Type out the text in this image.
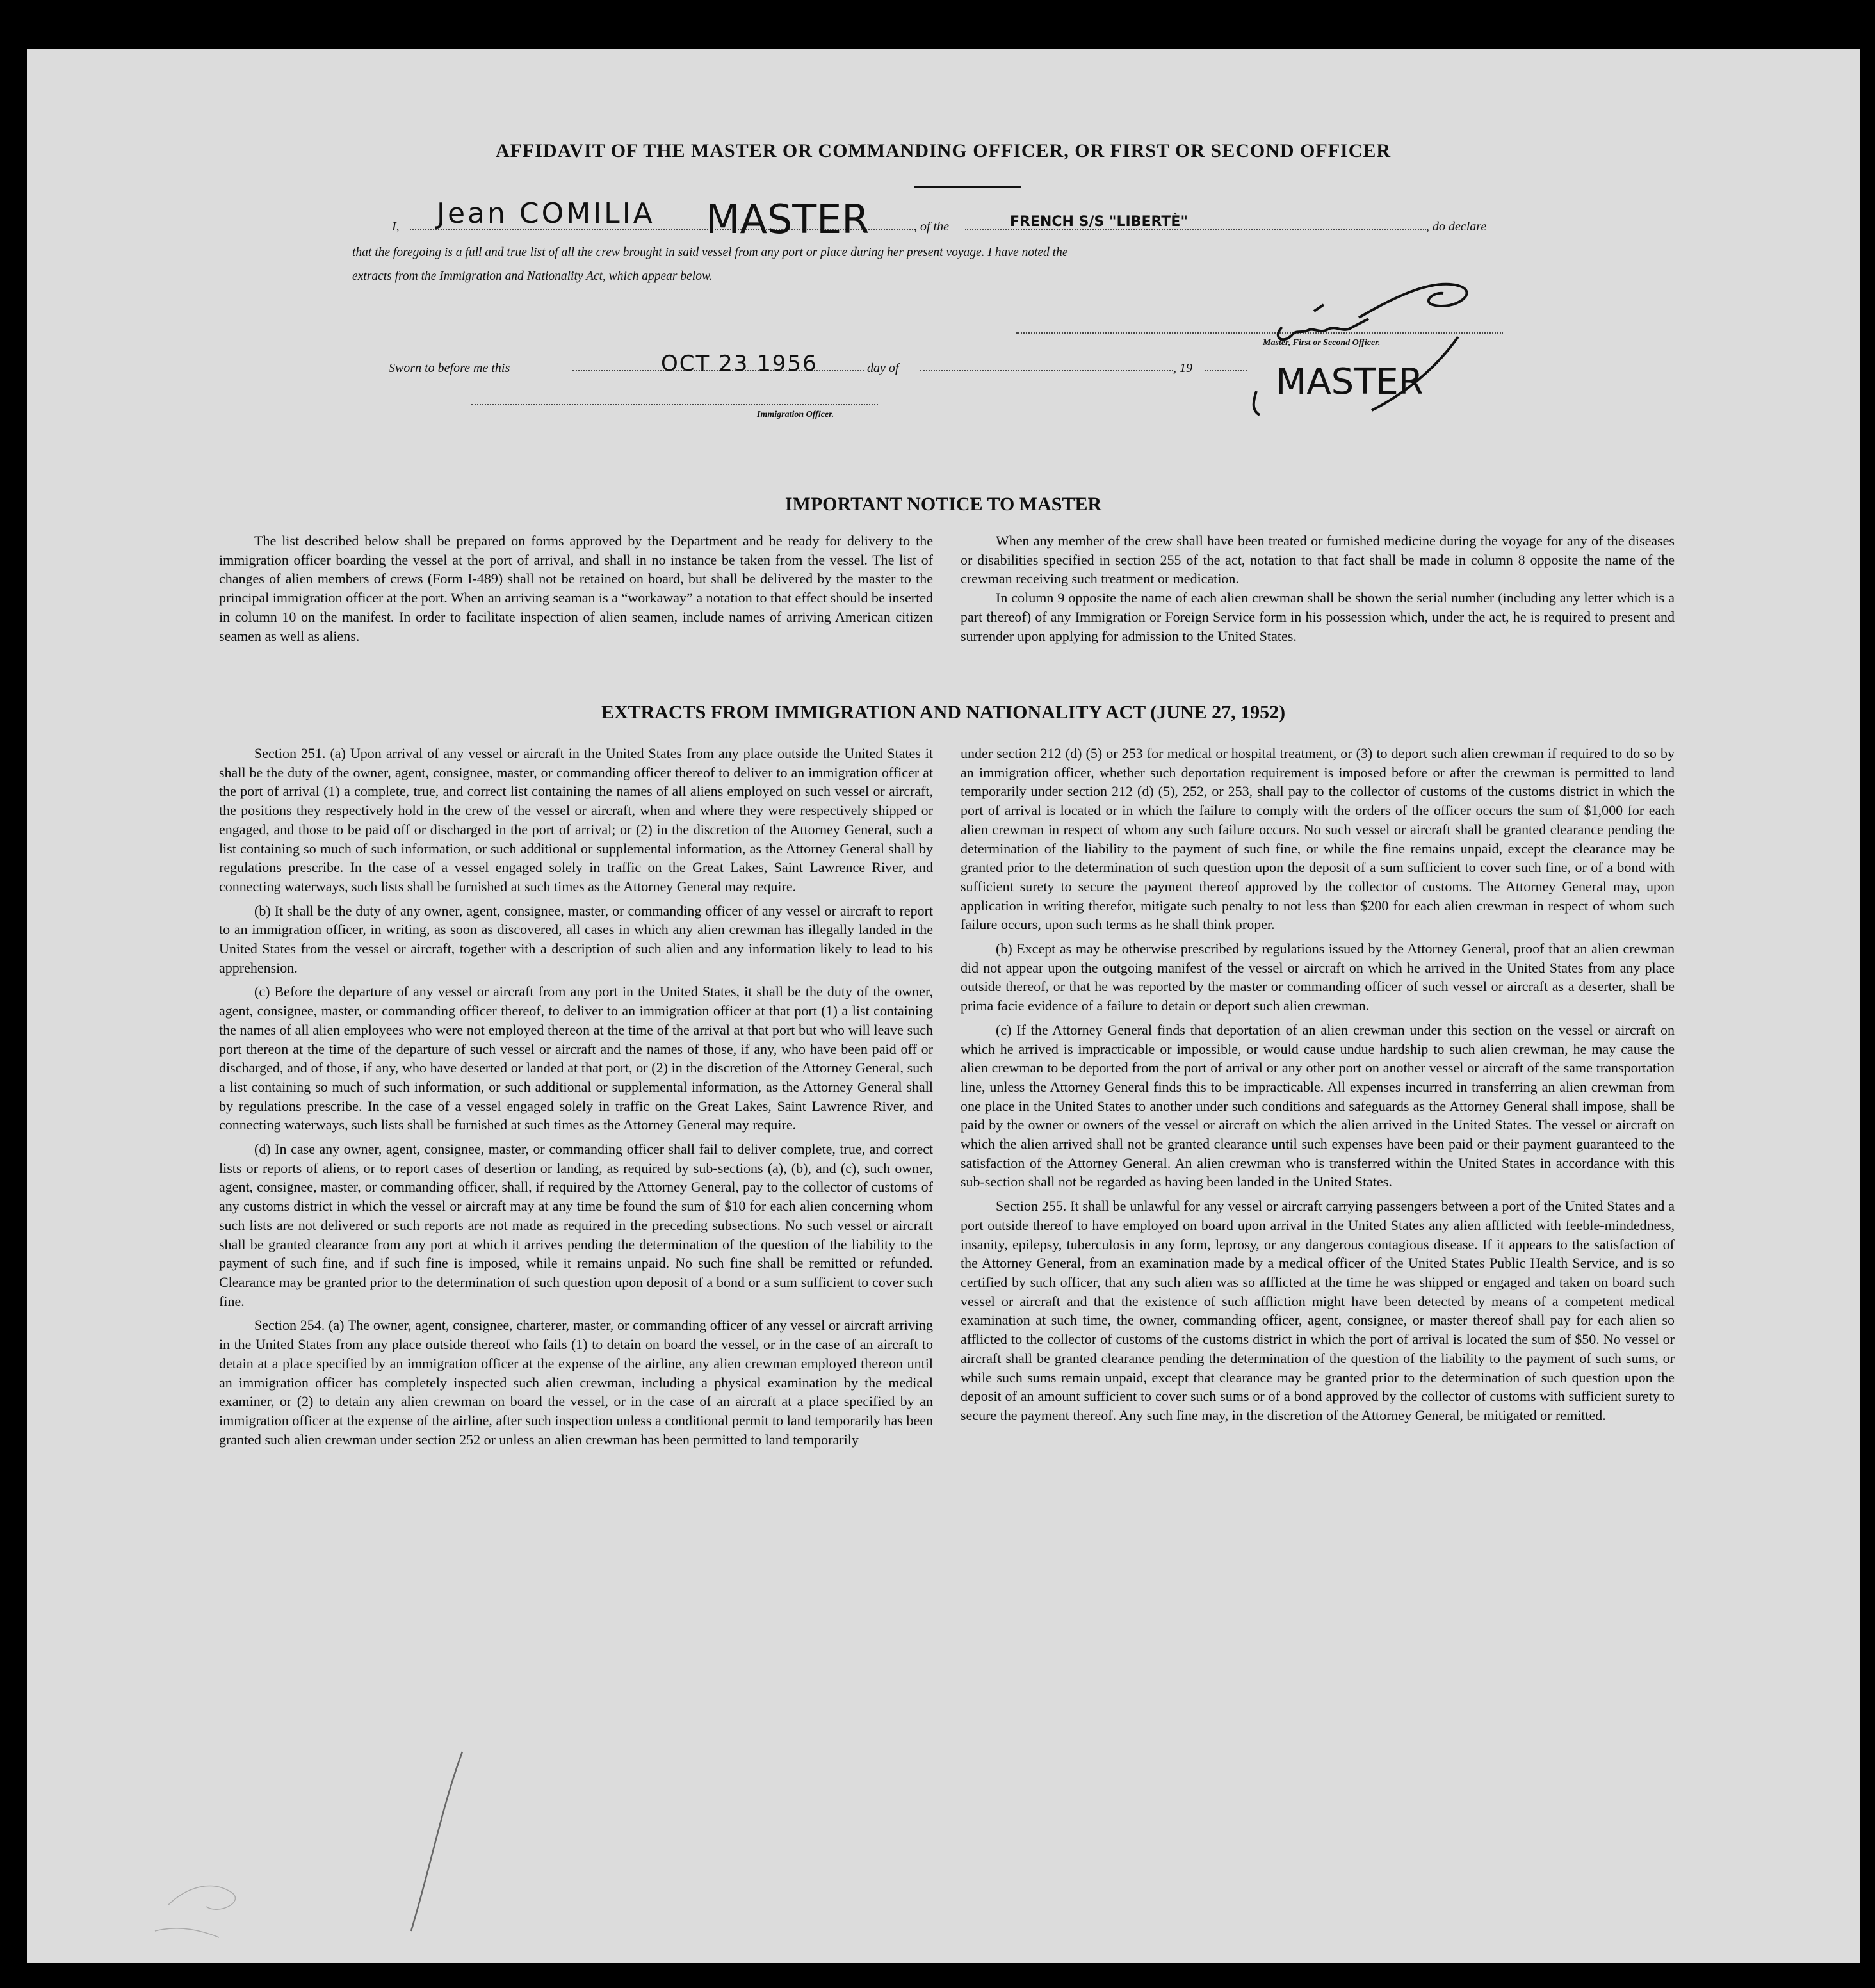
AFFIDAVIT OF THE MASTER OR COMMANDING OFFICER, OR FIRST OR SECOND OFFICER
I, Jean COMILIA MASTER	, of the	FRENCH S/S "LIBERTÈ"	, do declare
that the foregoing is a full and true list of all the crew brought in said vessel from any port or place during her present voyage. I have noted the
extracts from the Immigration and Nationality Act, which appear below.
Master, First or Second Officer.
MASTER
Sworn to before me this	OCT 23 1956	day of	, 19
Immigration Officer.
IMPORTANT NOTICE TO MASTER

The list described below shall be prepared on forms approved by the Department and be ready for delivery to the immigration officer boarding the vessel at the port of arrival, and shall in no instance be taken from the vessel. The list of changes of alien members of crews (Form I-489) shall not be retained on board, but shall be delivered by the master to the principal immigration officer at the port. When an arriving seaman is a “workaway” a notation to that effect should be inserted in column 10 on the manifest. In order to facilitate inspection of alien seamen, include names of arriving American citizen seamen as well as aliens.

When any member of the crew shall have been treated or furnished medicine during the voyage for any of the diseases or disabilities specified in section 255 of the act, notation to that fact shall be made in column 8 opposite the name of the crewman receiving such treatment or medication.

In column 9 opposite the name of each alien crewman shall be shown the serial number (including any letter which is a part thereof) of any Immigration or Foreign Service form in his possession which, under the act, he is required to present and surrender upon applying for admission to the United States.

EXTRACTS FROM IMMIGRATION AND NATIONALITY ACT (JUNE 27, 1952)

Section 251. (a) Upon arrival of any vessel or aircraft in the United States from any place outside the United States it shall be the duty of the owner, agent, consignee, master, or commanding officer thereof to deliver to an immigration officer at the port of arrival (1) a complete, true, and correct list containing the names of all aliens employed on such vessel or aircraft, the positions they respectively hold in the crew of the vessel or aircraft, when and where they were respectively shipped or engaged, and those to be paid off or discharged in the port of arrival; or (2) in the discretion of the Attorney General, such a list containing so much of such information, or such additional or supplemental information, as the Attorney General shall by regulations prescribe. In the case of a vessel engaged solely in traffic on the Great Lakes, Saint Lawrence River, and connecting waterways, such lists shall be furnished at such times as the Attorney General may require.

(b) It shall be the duty of any owner, agent, consignee, master, or commanding officer of any vessel or aircraft to report to an immigration officer, in writing, as soon as discovered, all cases in which any alien crewman has illegally landed in the United States from the vessel or aircraft, together with a description of such alien and any information likely to lead to his apprehension.

(c) Before the departure of any vessel or aircraft from any port in the United States, it shall be the duty of the owner, agent, consignee, master, or commanding officer thereof, to deliver to an immigration officer at that port (1) a list containing the names of all alien employees who were not employed thereon at the time of the arrival at that port but who will leave such port thereon at the time of the departure of such vessel or aircraft and the names of those, if any, who have been paid off or discharged, and of those, if any, who have deserted or landed at that port, or (2) in the discretion of the Attorney General, such a list containing so much of such information, or such additional or supplemental information, as the Attorney General shall by regulations prescribe. In the case of a vessel engaged solely in traffic on the Great Lakes, Saint Lawrence River, and connecting waterways, such lists shall be furnished at such times as the Attorney General may require.

(d) In case any owner, agent, consignee, master, or commanding officer shall fail to deliver complete, true, and correct lists or reports of aliens, or to report cases of desertion or landing, as required by sub-sections (a), (b), and (c), such owner, agent, consignee, master, or commanding officer, shall, if required by the Attorney General, pay to the collector of customs of any customs district in which the vessel or aircraft may at any time be found the sum of $10 for each alien concerning whom such lists are not delivered or such reports are not made as required in the preceding subsections. No such vessel or aircraft shall be granted clearance from any port at which it arrives pending the determination of the question of the liability to the payment of such fine, and if such fine is imposed, while it remains unpaid. No such fine shall be remitted or refunded. Clearance may be granted prior to the determination of such question upon deposit of a bond or a sum sufficient to cover such fine.

Section 254. (a) The owner, agent, consignee, charterer, master, or commanding officer of any vessel or aircraft arriving in the United States from any place outside thereof who fails (1) to detain on board the vessel, or in the case of an aircraft to detain at a place specified by an immigration officer at the expense of the airline, any alien crewman employed thereon until an immigration officer has completely inspected such alien crewman, including a physical examination by the medical examiner, or (2) to detain any alien crewman on board the vessel, or in the case of an aircraft at a place specified by an immigration officer at the expense of the airline, after such inspection unless a conditional permit to land temporarily has been granted such alien crewman under section 252 or unless an alien crewman has been permitted to land temporarily

under section 212 (d) (5) or 253 for medical or hospital treatment, or (3) to deport such alien crewman if required to do so by an immigration officer, whether such deportation requirement is imposed before or after the crewman is permitted to land temporarily under section 212 (d) (5), 252, or 253, shall pay to the collector of customs of the customs district in which the port of arrival is located or in which the failure to comply with the orders of the officer occurs the sum of $1,000 for each alien crewman in respect of whom any such failure occurs. No such vessel or aircraft shall be granted clearance pending the determination of the liability to the payment of such fine, or while the fine remains unpaid, except the clearance may be granted prior to the determination of such question upon the deposit of a sum sufficient to cover such fine, or of a bond with sufficient surety to secure the payment thereof approved by the collector of customs. The Attorney General may, upon application in writing therefor, mitigate such penalty to not less than $200 for each alien crewman in respect of whom such failure occurs, upon such terms as he shall think proper.

(b) Except as may be otherwise prescribed by regulations issued by the Attorney General, proof that an alien crewman did not appear upon the outgoing manifest of the vessel or aircraft on which he arrived in the United States from any place outside thereof, or that he was reported by the master or commanding officer of such vessel or aircraft as a deserter, shall be prima facie evidence of a failure to detain or deport such alien crewman.

(c) If the Attorney General finds that deportation of an alien crewman under this section on the vessel or aircraft on which he arrived is impracticable or impossible, or would cause undue hardship to such alien crewman, he may cause the alien crewman to be deported from the port of arrival or any other port on another vessel or aircraft of the same transportation line, unless the Attorney General finds this to be impracticable. All expenses incurred in transferring an alien crewman from one place in the United States to another under such conditions and safeguards as the Attorney General shall impose, shall be paid by the owner or owners of the vessel or aircraft on which the alien arrived in the United States. The vessel or aircraft on which the alien arrived shall not be granted clearance until such expenses have been paid or their payment guaranteed to the satisfaction of the Attorney General. An alien crewman who is transferred within the United States in accordance with this sub-section shall not be regarded as having been landed in the United States.

Section 255. It shall be unlawful for any vessel or aircraft carrying passengers between a port of the United States and a port outside thereof to have employed on board upon arrival in the United States any alien afflicted with feeble-mindedness, insanity, epilepsy, tuberculosis in any form, leprosy, or any dangerous contagious disease. If it appears to the satisfaction of the Attorney General, from an examination made by a medical officer of the United States Public Health Service, and is so certified by such officer, that any such alien was so afflicted at the time he was shipped or engaged and taken on board such vessel or aircraft and that the existence of such affliction might have been detected by means of a competent medical examination at such time, the owner, commanding officer, agent, consignee, or master thereof shall pay for each alien so afflicted to the collector of customs of the customs district in which the port of arrival is located the sum of $50. No vessel or aircraft shall be granted clearance pending the determination of the question of the liability to the payment of such sums, or while such sums remain unpaid, except that clearance may be granted prior to the determination of such question upon the deposit of an amount sufficient to cover such sums or of a bond approved by the collector of customs with sufficient surety to secure the payment thereof. Any such fine may, in the discretion of the Attorney General, be mitigated or remitted.
